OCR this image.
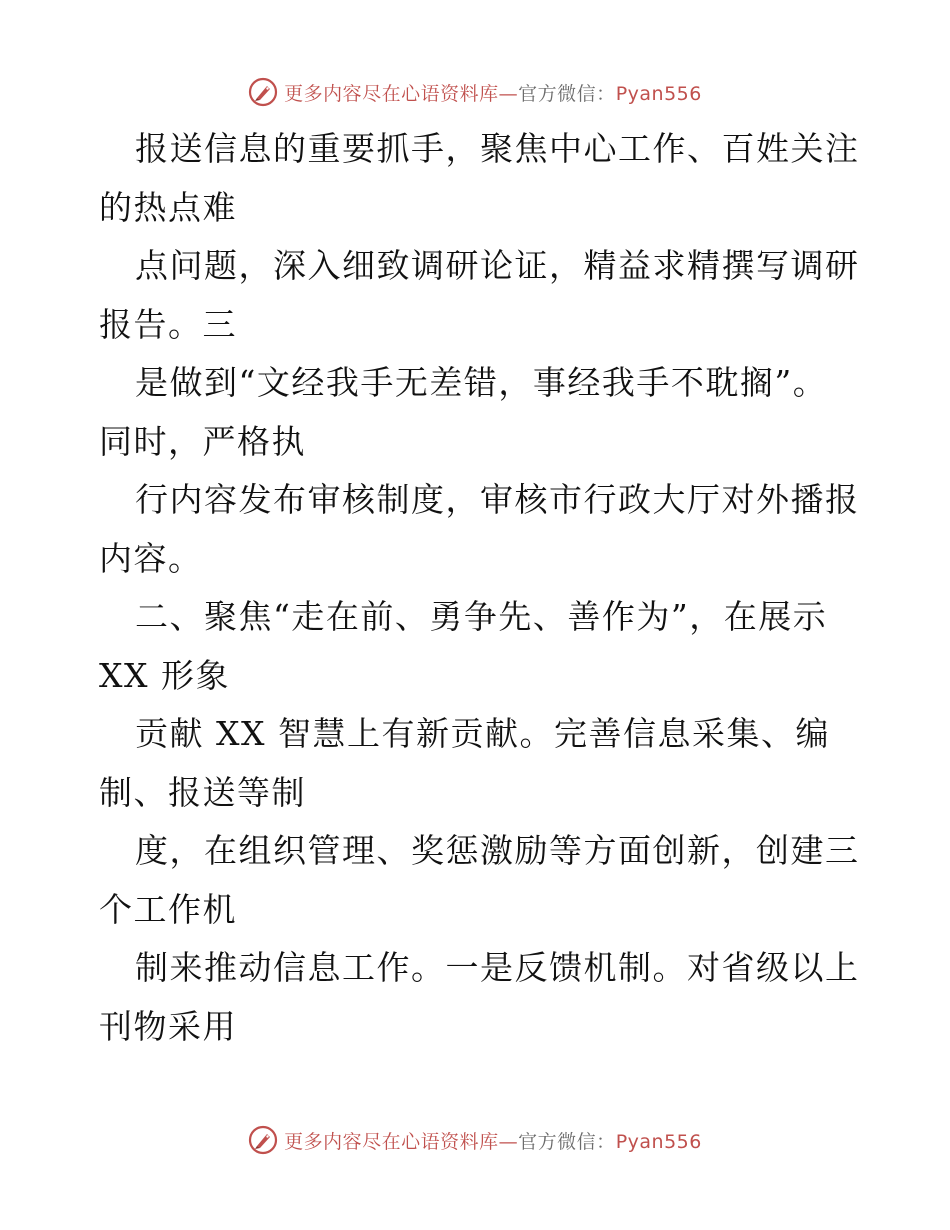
更多内容尽在心语资料库—官方微信：Pyan556
报送信息的重要抓手，聚焦中心工作、百姓关注
的热点难
点问题，深入细致调研论证，精益求精撰写调研
报告。三
是做到“文经我手无差错，事经我手不耽搁”。
同时，严格执
行内容发布审核制度，审核市行政大厅对外播报
内容。
二、聚焦“走在前、勇争先、善作为”，在展示
XX 形象
贡献 XX 智慧上有新贡献。完善信息采集、编
制、报送等制
度，在组织管理、奖惩激励等方面创新，创建三
个工作机
制来推动信息工作。一是反馈机制。对省级以上
刊物采用
更多内容尽在心语资料库—官方微信：Pyan556
